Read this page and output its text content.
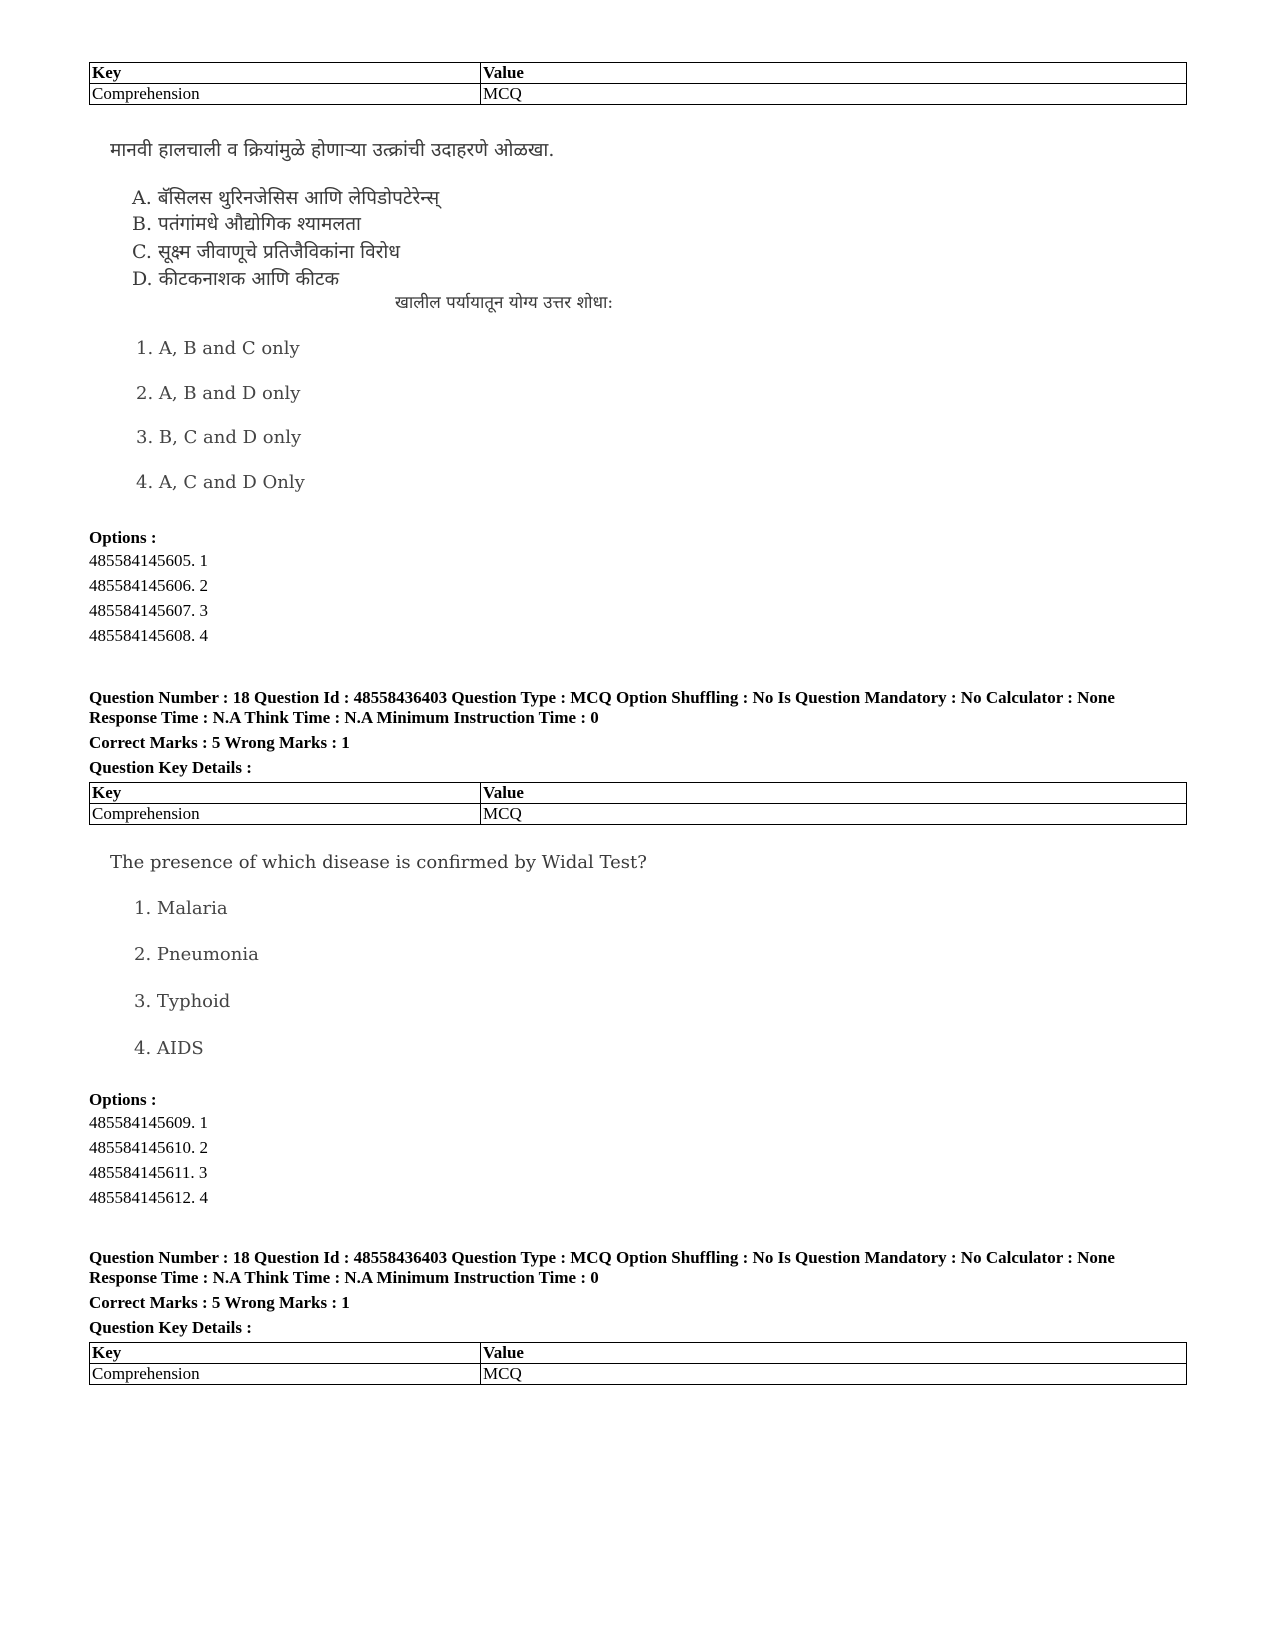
Key	Value
Comprehension	MCQ
मानवी हालचाली व क्रियांमुळे होणाऱ्या उत्क्रांची उदाहरणे ओळखा.
A. बॅसिलस थुरिनजेसिस आणि लेपिडोपटेरेन्स्
B. पतंगांमधे औद्योगिक श्यामलता
C. सूक्ष्म जीवाणूचे प्रतिजैविकांना विरोध
D. कीटकनाशक आणि कीटक
खालील पर्यायातून योग्य उत्तर शोधा:
1. A, B and C only
2. A, B and D only
3. B, C and D only
4. A, C and D Only
Options :
485584145605. 1
485584145606. 2
485584145607. 3
485584145608. 4
Question Number : 18 Question Id : 48558436403 Question Type : MCQ Option Shuffling : No Is Question Mandatory : No Calculator : None
Response Time : N.A Think Time : N.A Minimum Instruction Time : 0
Correct Marks : 5 Wrong Marks : 1
Question Key Details :
Key	Value
Comprehension	MCQ
The presence of which disease is confirmed by Widal Test?
1. Malaria
2. Pneumonia
3. Typhoid
4. AIDS
Options :
485584145609. 1
485584145610. 2
485584145611. 3
485584145612. 4
Question Number : 18 Question Id : 48558436403 Question Type : MCQ Option Shuffling : No Is Question Mandatory : No Calculator : None
Response Time : N.A Think Time : N.A Minimum Instruction Time : 0
Correct Marks : 5 Wrong Marks : 1
Question Key Details :
Key	Value
Comprehension	MCQ
